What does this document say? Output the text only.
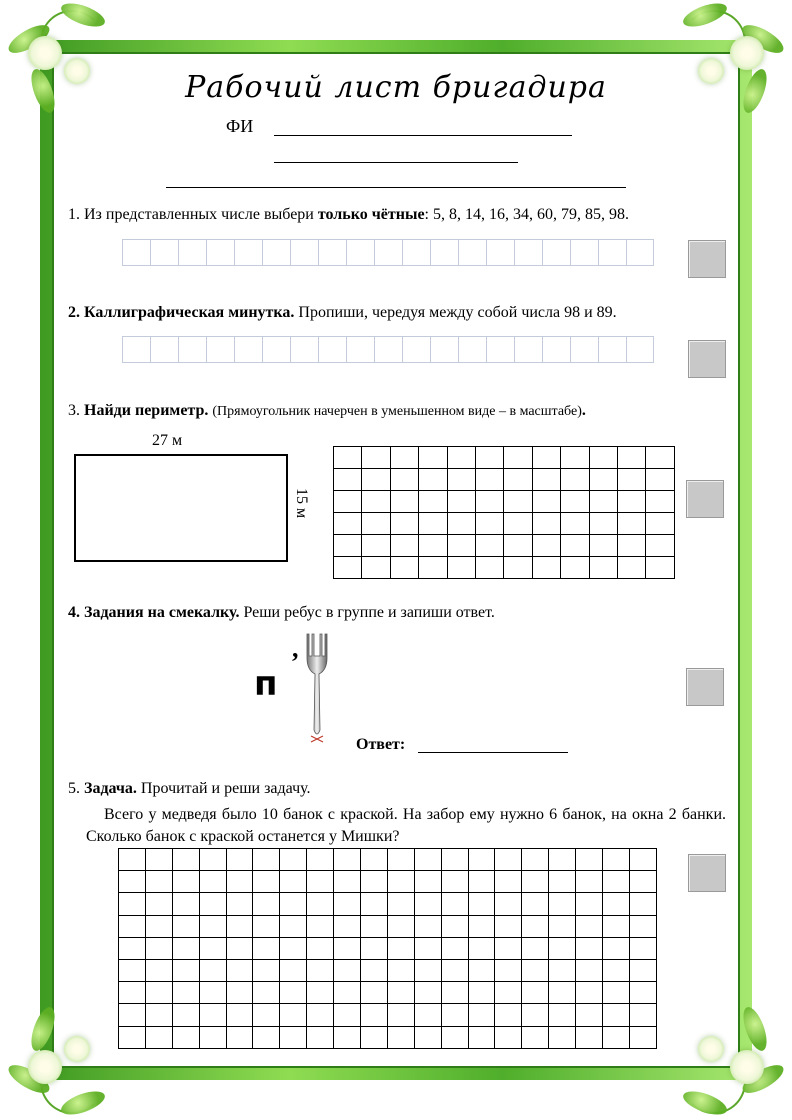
Рабочий лист бригадира
ФИ
1. Из представленных числе выбери только чётные: 5, 8, 14, 16, 34, 60, 79, 85, 98.
2. Каллиграфическая минутка. Пропиши, чередуя между собой числа 98 и 89.
3. Найди периметр. (Прямоугольник начерчен в уменьшенном виде – в масштабе).
27 м
15 м
4. Задания на смекалку. Реши ребус в группе и запиши ответ.
п
,
Ответ:
5. Задача. Прочитай и реши задачу.
Всего у медведя было 10 банок с краской. На забор ему нужно 6 банок, на окна 2 банки. Сколько банок с краской останется у Мишки?
